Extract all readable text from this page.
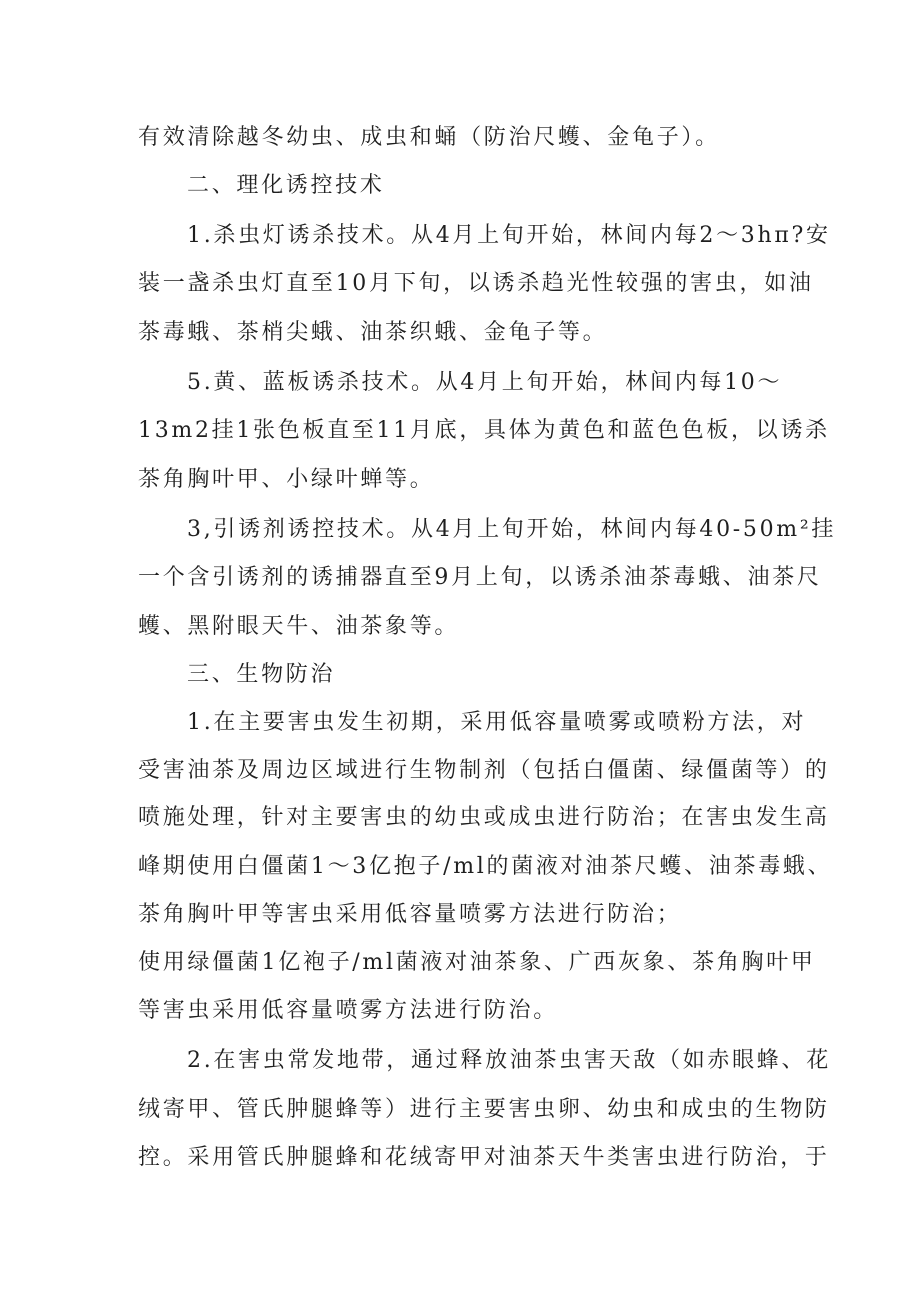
有效清除越冬幼虫、成虫和蛹（防治尺蠖、金龟子）。
二、理化诱控技术
1.杀虫灯诱杀技术。从4月上旬开始，林间内每2～3hπ?安
装一盏杀虫灯直至10月下旬，以诱杀趋光性较强的害虫，如油
茶毒蛾、茶梢尖蛾、油茶织蛾、金龟子等。
5.黄、蓝板诱杀技术。从4月上旬开始，林间内每10～
13m2挂1张色板直至11月底，具体为黄色和蓝色色板，以诱杀
茶角胸叶甲、小绿叶蝉等。
3,引诱剂诱控技术。从4月上旬开始，林间内每40-50m²挂
一个含引诱剂的诱捕器直至9月上旬，以诱杀油茶毒蛾、油茶尺
蠖、黑附眼天牛、油茶象等。
三、生物防治
1.在主要害虫发生初期，采用低容量喷雾或喷粉方法，对
受害油茶及周边区域进行生物制剂（包括白僵菌、绿僵菌等）的
喷施处理，针对主要害虫的幼虫或成虫进行防治；在害虫发生高
峰期使用白僵菌1～3亿抱子/ml的菌液对油茶尺蠖、油茶毒蛾、
茶角胸叶甲等害虫采用低容量喷雾方法进行防治；
使用绿僵菌1亿袍子/ml菌液对油茶象、广西灰象、茶角胸叶甲
等害虫采用低容量喷雾方法进行防治。
2.在害虫常发地带，通过释放油茶虫害天敌（如赤眼蜂、花
绒寄甲、管氏肿腿蜂等）进行主要害虫卵、幼虫和成虫的生物防
控。采用管氏肿腿蜂和花绒寄甲对油茶天牛类害虫进行防治，于
